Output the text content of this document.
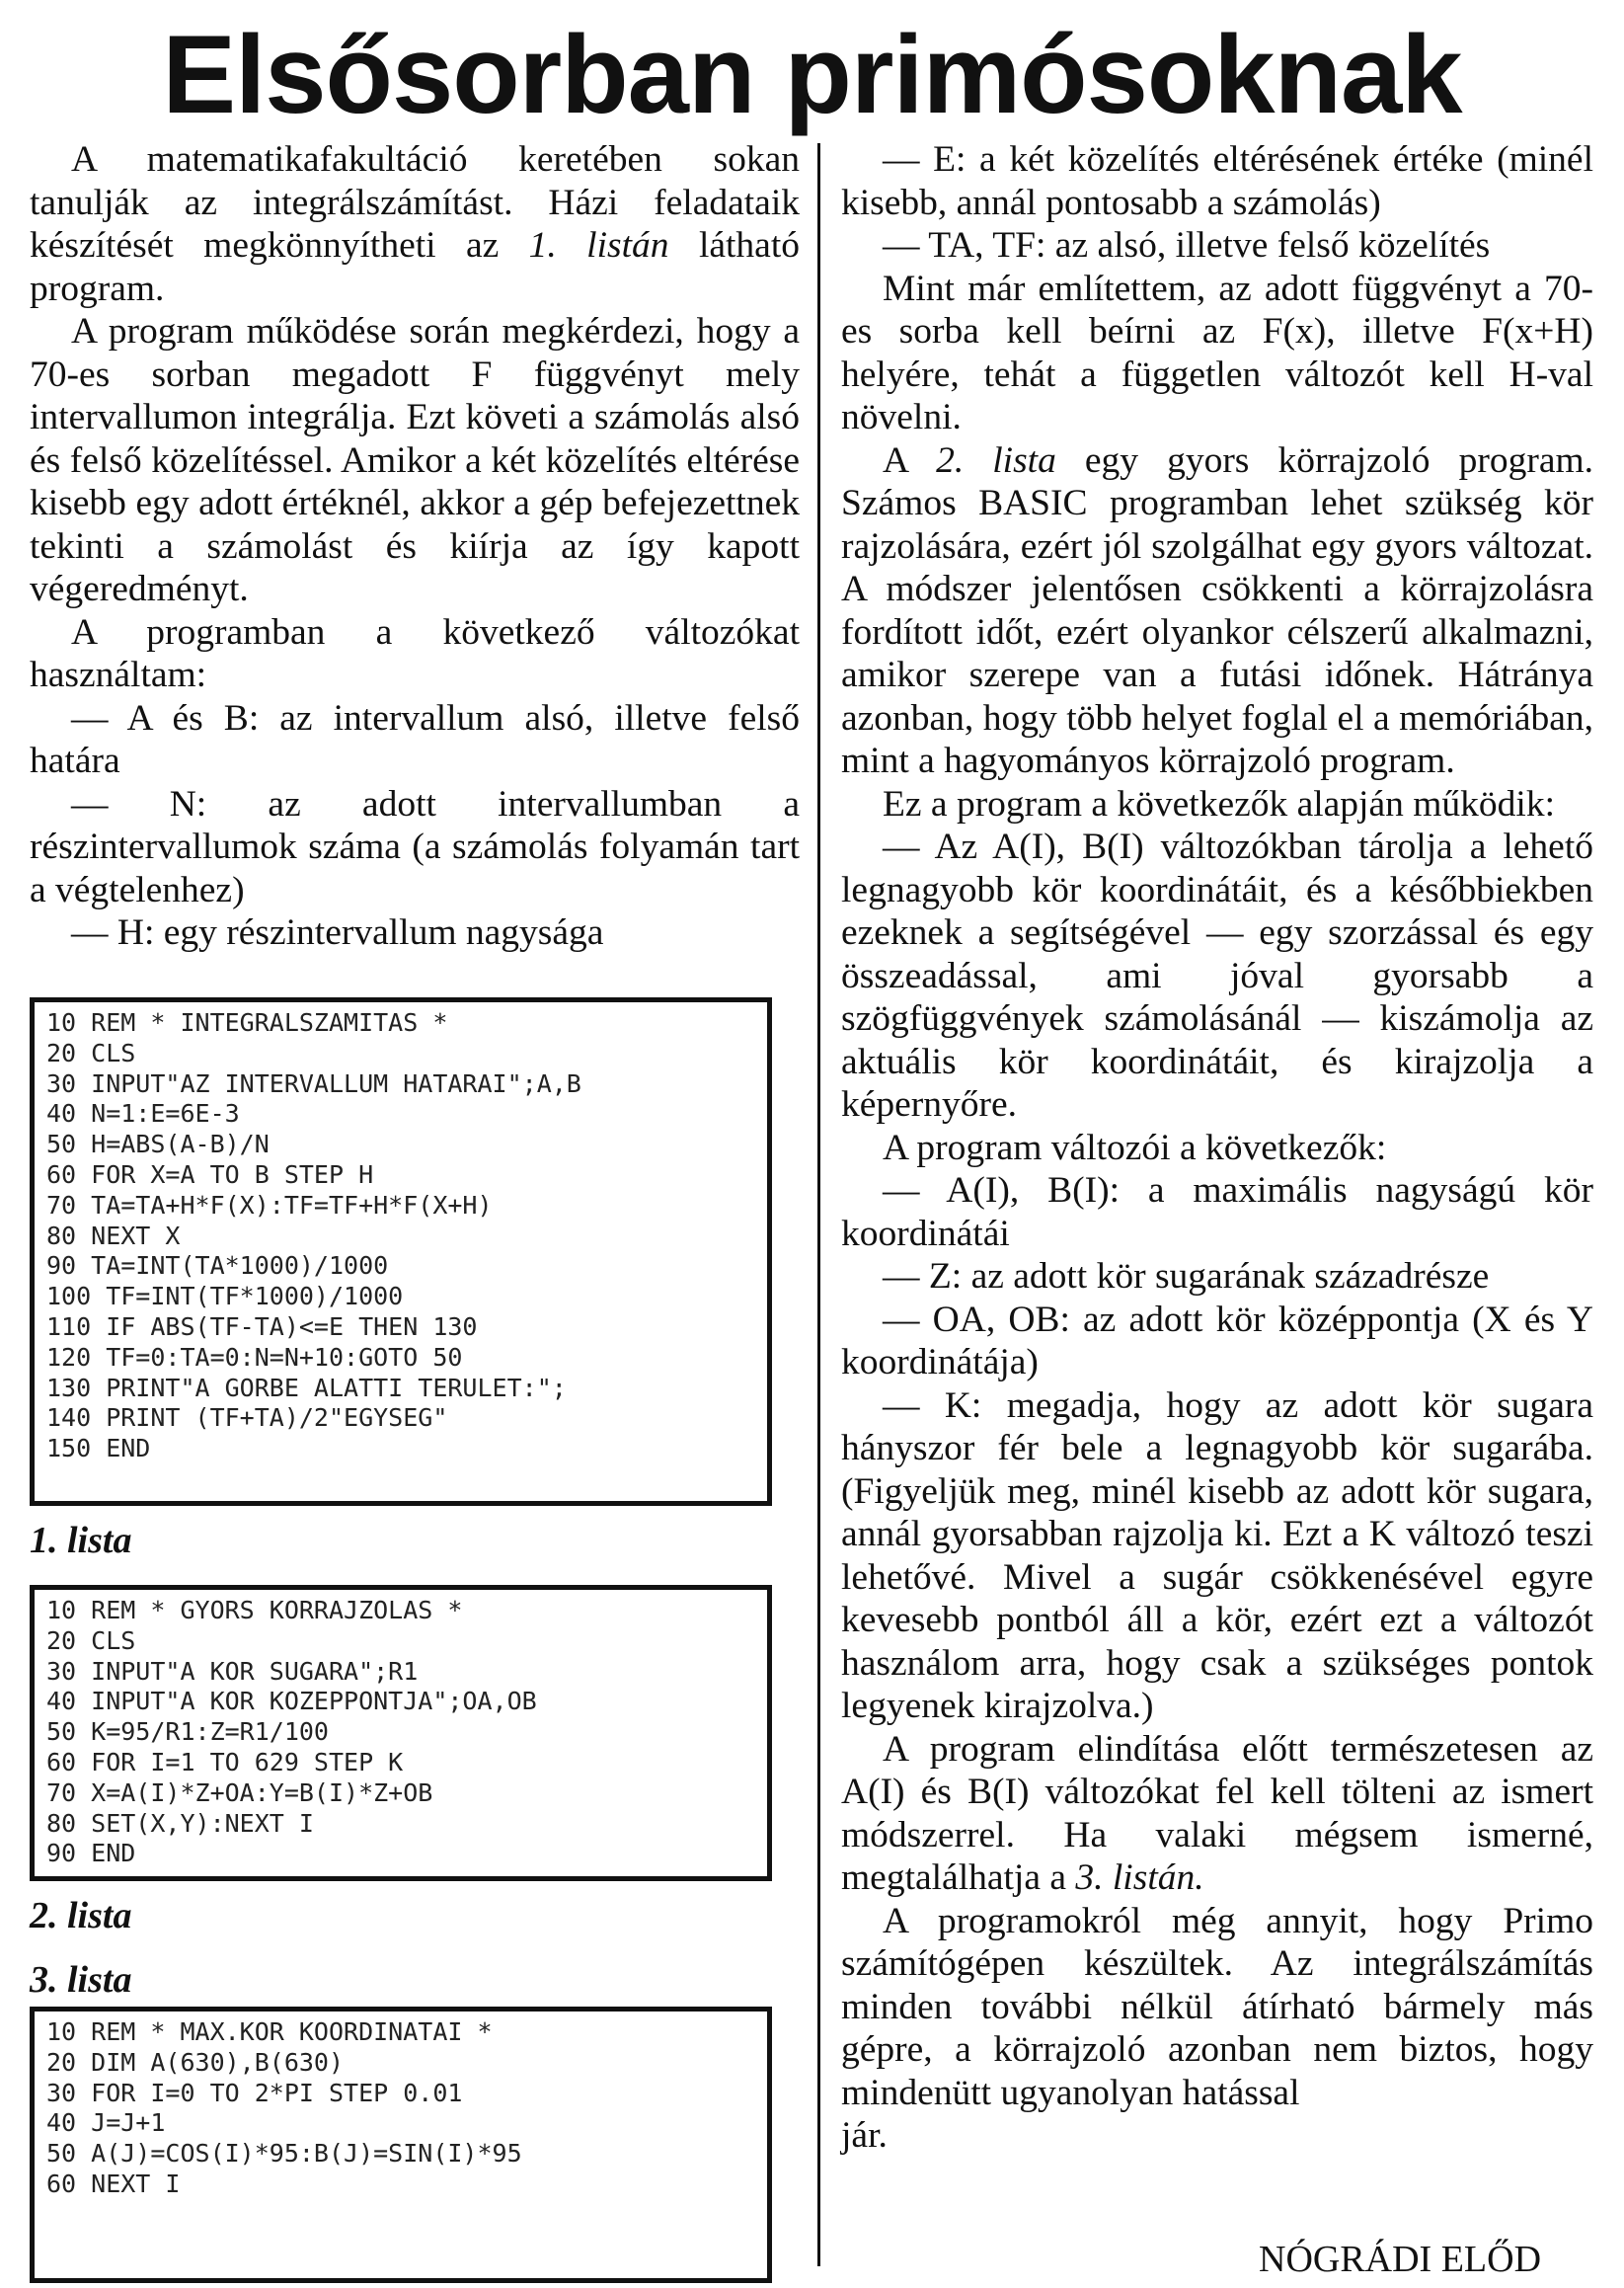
Elsősorban primósoknak

A matematikafakultáció keretében sokan tanulják az integrálszámítást. Házi feladataik készítését megkönnyítheti az 1. listán látható program.

A program működése során megkérdezi, hogy a 70-es sorban megadott F függvényt mely intervallumon integrálja. Ezt követi a számolás alsó és felső közelítéssel. Amikor a két közelítés eltérése kisebb egy adott értéknél, akkor a gép befejezettnek tekinti a számolást és kiírja az így kapott végeredményt.

A programban a következő változókat használtam:

— A és B: az intervallum alsó, illetve felső határa

— N: az adott intervallumban a részintervallumok száma (a számolás folyamán tart a végtelenhez)

— H: egy részintervallum nagysága

10 REM * INTEGRALSZAMITAS *
20 CLS
30 INPUT"AZ INTERVALLUM HATARAI";A,B
40 N=1:E=6E-3
50 H=ABS(A-B)/N
60 FOR X=A TO B STEP H
70 TA=TA+H*F(X):TF=TF+H*F(X+H)
80 NEXT X
90 TA=INT(TA*1000)/1000
100 TF=INT(TF*1000)/1000
110 IF ABS(TF-TA)<=E THEN 130
120 TF=0:TA=0:N=N+10:GOTO 50
130 PRINT"A GORBE ALATTI TERULET:";
140 PRINT (TF+TA)/2"EGYSEG"
150 END
1. lista
10 REM * GYORS KORRAJZOLAS *
20 CLS
30 INPUT"A KOR SUGARA";R1
40 INPUT"A KOR KOZEPPONTJA";OA,OB
50 K=95/R1:Z=R1/100
60 FOR I=1 TO 629 STEP K
70 X=A(I)*Z+OA:Y=B(I)*Z+OB
80 SET(X,Y):NEXT I
90 END
2. lista
3. lista
10 REM * MAX.KOR KOORDINATAI *
20 DIM A(630),B(630)
30 FOR I=0 TO 2*PI STEP 0.01
40 J=J+1
50 A(J)=COS(I)*95:B(J)=SIN(I)*95
60 NEXT I

— E: a két közelítés eltérésének értéke (minél kisebb, annál pontosabb a számolás)

— TA, TF: az alsó, illetve felső közelítés

Mint már említettem, az adott függvényt a 70-es sorba kell beírni az F(x), illetve F(x+H) helyére, tehát a független változót kell H-val növelni.

A 2. lista egy gyors körrajzoló program. Számos BASIC programban lehet szükség kör rajzolására, ezért jól szolgálhat egy gyors változat. A módszer jelentősen csökkenti a körrajzolásra fordított időt, ezért olyankor célszerű alkalmazni, amikor szerepe van a futási időnek. Hátránya azonban, hogy több helyet foglal el a memóriában, mint a hagyományos körrajzoló program.

Ez a program a következők alapján működik:

— Az A(I), B(I) változókban tárolja a lehető legnagyobb kör koordinátáit, és a későbbiekben ezeknek a segítségével — egy szorzással és egy összeadással, ami jóval gyorsabb a szögfüggvények számolásánál — kiszámolja az aktuális kör koordinátáit, és kirajzolja a képernyőre.

A program változói a következők:

— A(I), B(I): a maximális nagyságú kör koordinátái

— Z: az adott kör sugarának századrésze

— OA, OB: az adott kör középpontja (X és Y koordinátája)

— K: megadja, hogy az adott kör sugara hányszor fér bele a legnagyobb kör sugarába. (Figyeljük meg, minél kisebb az adott kör sugara, annál gyorsabban rajzolja ki. Ezt a K változó teszi lehetővé. Mivel a sugár csökkenésével egyre kevesebb pontból áll a kör, ezért ezt a változót használom arra, hogy csak a szükséges pontok legyenek kirajzolva.)

A program elindítása előtt természetesen az A(I) és B(I) változókat fel kell tölteni az ismert módszerrel. Ha valaki mégsem ismerné, megtalálhatja a 3. listán.

A programokról még annyit, hogy Primo számítógépen készültek. Az integrálszámítás minden további nélkül átírható bármely más gépre, a körrajzoló azonban nem biztos, hogy mindenütt ugyanolyan hatással

jár.

NÓGRÁDI ELŐD
